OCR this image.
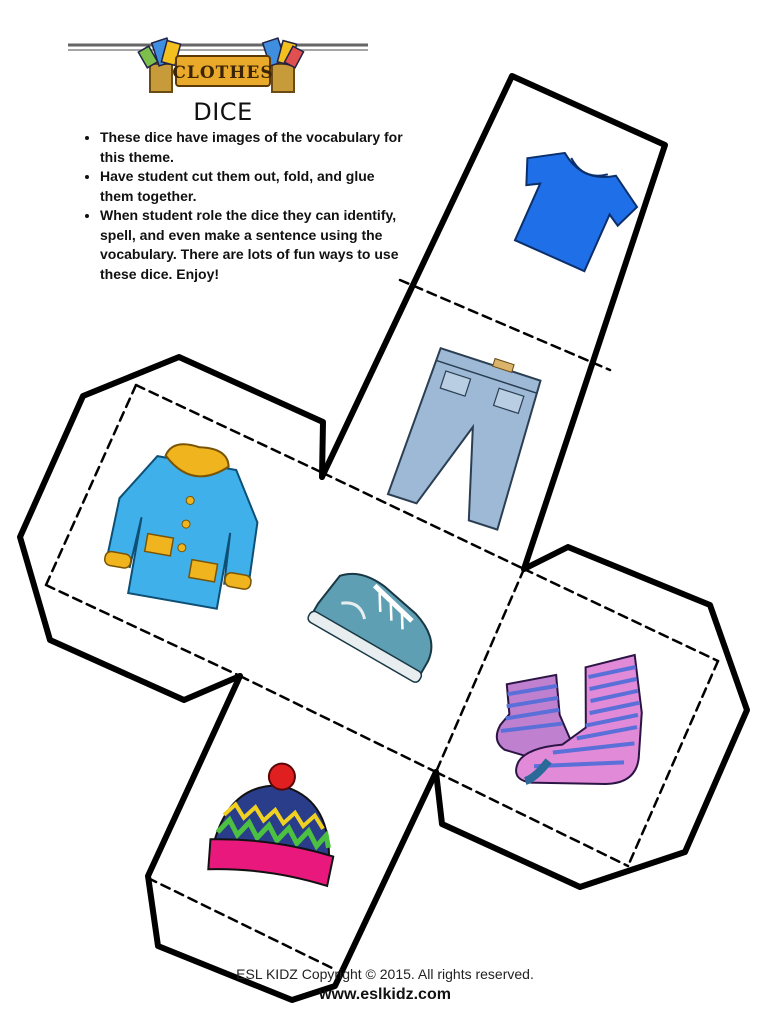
CLOTHES
DICE
• These dice have images of the vocabulary for this theme.
• Have student cut them out, fold, and glue them together.
• When student role the dice they can identify, spell, and even make a sentence using the vocabulary. There are lots of fun ways to use these dice. Enjoy!
ESL KIDZ Copyright © 2015. All rights reserved.
www.eslkidz.com
